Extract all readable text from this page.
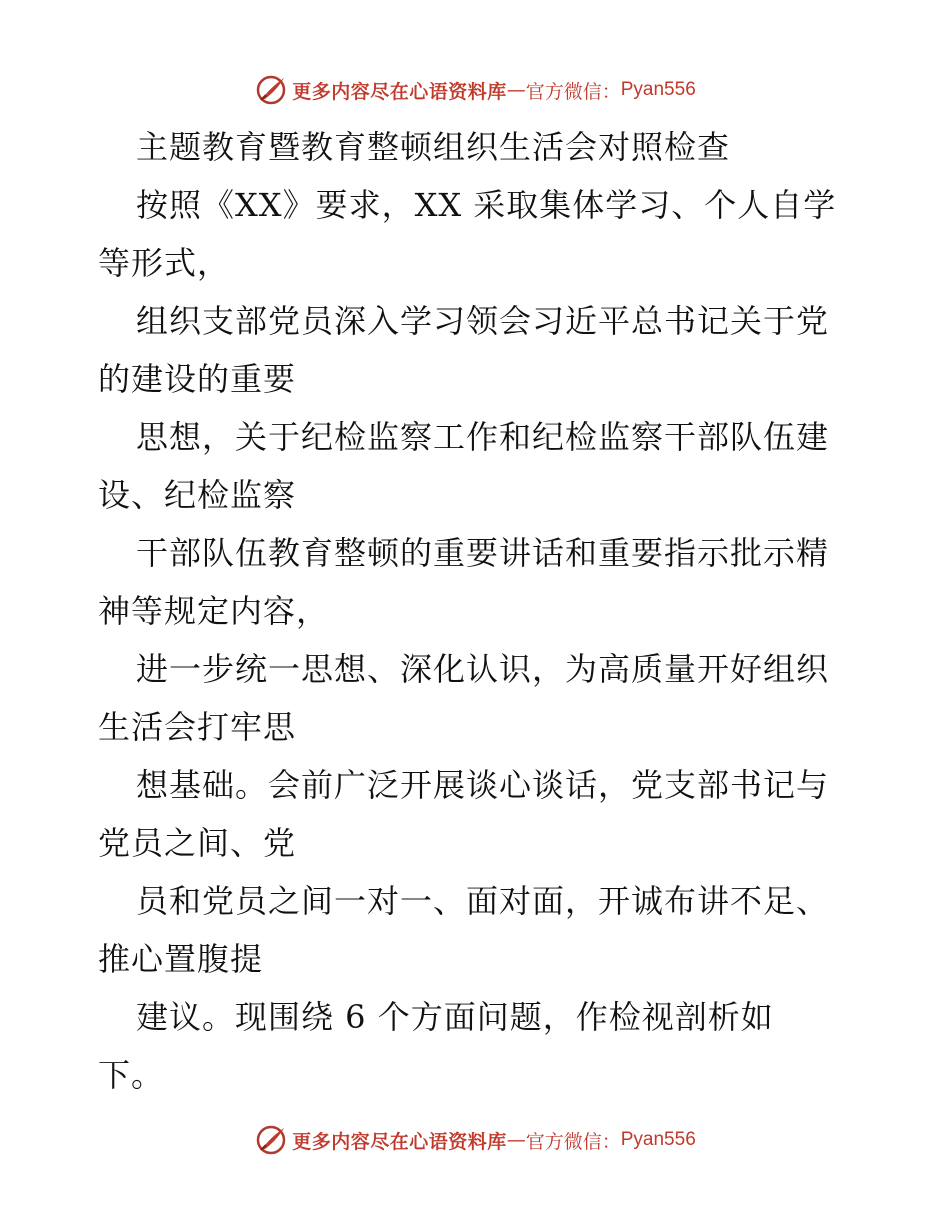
更多内容尽在心语资料库 — 官方微信： Pyan556
主题教育暨教育整顿组织生活会对照检查
按照《XX》要求，XX 采取集体学习、个人自学
等形式，
组织支部党员深入学习领会习近平总书记关于党
的建设的重要
思想，关于纪检监察工作和纪检监察干部队伍建
设、纪检监察
干部队伍教育整顿的重要讲话和重要指示批示精
神等规定内容，
进一步统一思想、深化认识，为高质量开好组织
生活会打牢思
想基础。会前广泛开展谈心谈话，党支部书记与
党员之间、党
员和党员之间一对一、面对面，开诚布讲不足、
推心置腹提
建议。现围绕 6 个方面问题，作检视剖析如
下。
更多内容尽在心语资料库 — 官方微信： Pyan556
